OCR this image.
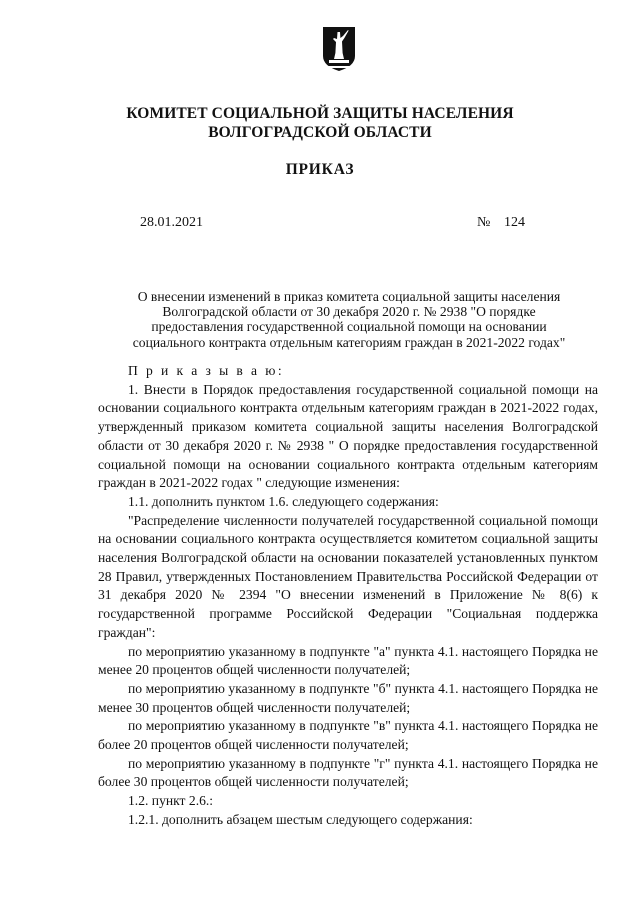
КОМИТЕТ СОЦИАЛЬНОЙ ЗАЩИТЫ НАСЕЛЕНИЯ
ВОЛГОГРАДСКОЙ ОБЛАСТИ
ПРИКАЗ
28.01.2021	№ 124
О внесении изменений в приказ комитета социальной защиты населения
Волгоградской области от 30 декабря 2020 г. № 2938 "О порядке
предоставления государственной социальной помощи на основании
социального контракта отдельным категориям граждан в 2021-2022 годах"
П р и к а з ы в а ю:
1. Внести в Порядок предоставления государственной социальной помощи на основании социального контракта отдельным категориям граждан в 2021-2022 годах, утвержденный приказом комитета социальной защиты населения Волгоградской области от 30 декабря 2020 г. № 2938 " О порядке предоставления государственной социальной помощи на основании социального контракта отдельным категориям граждан в 2021-2022 годах " следующие изменения:
1.1. дополнить пунктом 1.6. следующего содержания:
"Распределение численности получателей государственной социальной помощи на основании социального контракта осуществляется комитетом социальной защиты населения Волгоградской области на основании показателей установленных пунктом 28 Правил, утвержденных Постановлением Правительства Российской Федерации от 31 декабря 2020 № 2394 "О внесении изменений в Приложение № 8(6) к государственной программе Российской Федерации "Социальная поддержка граждан":
по мероприятию указанному в подпункте "а" пункта 4.1. настоящего Порядка не менее 20 процентов общей численности получателей;
по мероприятию указанному в подпункте "б" пункта 4.1. настоящего Порядка не менее 30 процентов общей численности получателей;
по мероприятию указанному в подпункте "в" пункта 4.1. настоящего Порядка не более 20 процентов общей численности получателей;
по мероприятию указанному в подпункте "г" пункта 4.1. настоящего Порядка не более 30 процентов общей численности получателей;
1.2. пункт 2.6.:
1.2.1. дополнить абзацем шестым следующего содержания:
